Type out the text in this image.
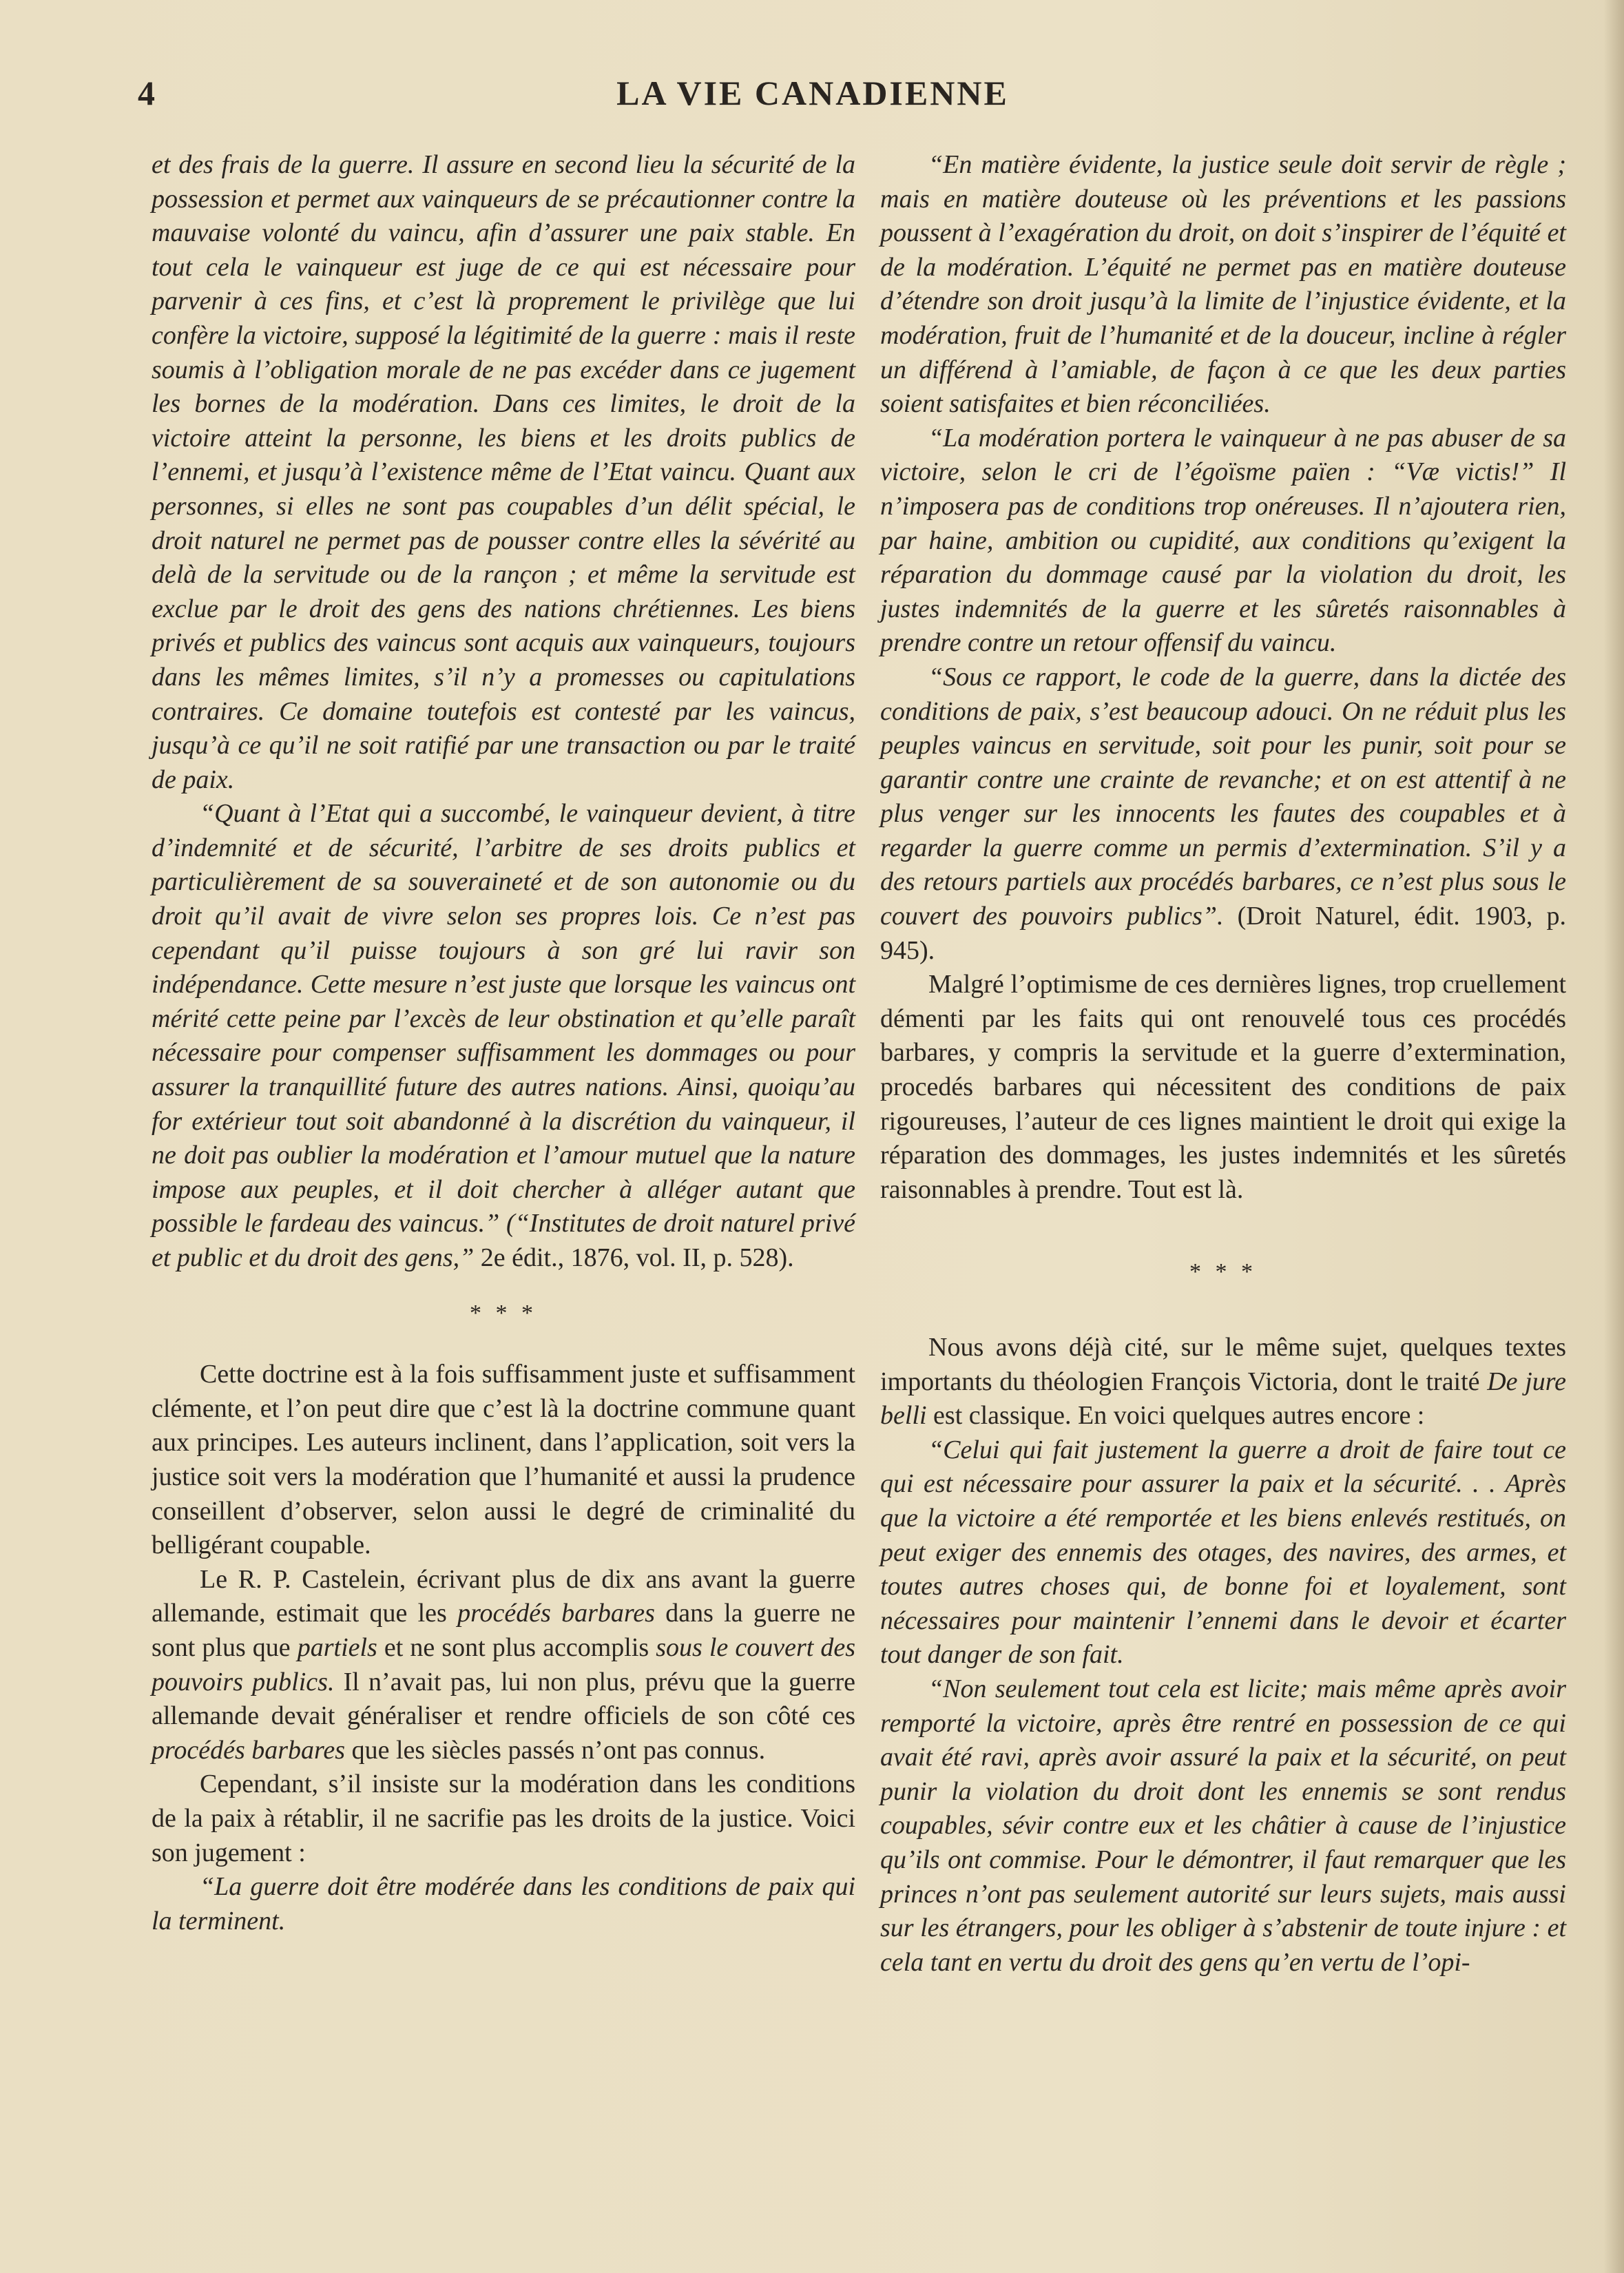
4	LA VIE CANADIENNE

et des frais de la guerre. Il assure en second lieu la sécurité de la possession et permet aux vainqueurs de se précautionner contre la mauvaise volonté du vaincu, afin d’assurer une paix stable. En tout cela le vainqueur est juge de ce qui est nécessaire pour parvenir à ces fins, et c’est là proprement le privilège que lui confère la victoire, supposé la légitimité de la guerre : mais il reste soumis à l’obligation morale de ne pas excéder dans ce jugement les bornes de la modération. Dans ces limites, le droit de la victoire atteint la personne, les biens et les droits publics de l’ennemi, et jusqu’à l’existence même de l’Etat vaincu. Quant aux personnes, si elles ne sont pas coupables d’un délit spécial, le droit naturel ne permet pas de pousser contre elles la sévérité au delà de la servitude ou de la rançon ; et même la servitude est exclue par le droit des gens des nations chrétiennes. Les biens privés et publics des vaincus sont acquis aux vainqueurs, toujours dans les mêmes limites, s’il n’y a promesses ou capitulations contraires. Ce domaine toutefois est contesté par les vaincus, jusqu’à ce qu’il ne soit ratifié par une transaction ou par le traité de paix.

“Quant à l’Etat qui a succombé, le vainqueur devient, à titre d’indemnité et de sécurité, l’arbitre de ses droits publics et particulièrement de sa souveraineté et de son autonomie ou du droit qu’il avait de vivre selon ses propres lois. Ce n’est pas cependant qu’il puisse toujours à son gré lui ravir son indépendance. Cette mesure n’est juste que lorsque les vaincus ont mérité cette peine par l’excès de leur obstination et qu’elle paraît nécessaire pour compenser suffisamment les dommages ou pour assurer la tranquillité future des autres nations. Ainsi, quoiqu’au for extérieur tout soit abandonné à la discrétion du vainqueur, il ne doit pas oublier la modération et l’amour mutuel que la nature impose aux peuples, et il doit chercher à alléger autant que possible le fardeau des vaincus.” (“Institutes de droit naturel privé et public et du droit des gens,” 2e édit., 1876, vol. II, p. 528).

* * *

Cette doctrine est à la fois suffisamment juste et suffisamment clémente, et l’on peut dire que c’est là la doctrine commune quant aux principes. Les auteurs inclinent, dans l’application, soit vers la justice soit vers la modération que l’humanité et aussi la prudence conseillent d’observer, selon aussi le degré de criminalité du belligérant coupable.

Le R. P. Castelein, écrivant plus de dix ans avant la guerre allemande, estimait que les procédés barbares dans la guerre ne sont plus que partiels et ne sont plus accomplis sous le couvert des pouvoirs publics. Il n’avait pas, lui non plus, prévu que la guerre allemande devait généraliser et rendre officiels de son côté ces procédés barbares que les siècles passés n’ont pas connus.

Cependant, s’il insiste sur la modération dans les conditions de la paix à rétablir, il ne sacrifie pas les droits de la justice. Voici son jugement :

“La guerre doit être modérée dans les conditions de paix qui la terminent.

“En matière évidente, la justice seule doit servir de règle ; mais en matière douteuse où les préventions et les passions poussent à l’exagération du droit, on doit s’inspirer de l’équité et de la modération. L’équité ne permet pas en matière douteuse d’étendre son droit jusqu’à la limite de l’injustice évidente, et la modération, fruit de l’humanité et de la douceur, incline à régler un différend à l’amiable, de façon à ce que les deux parties soient satisfaites et bien réconciliées.

“La modération portera le vainqueur à ne pas abuser de sa victoire, selon le cri de l’égoïsme païen : “Væ victis!” Il n’imposera pas de conditions trop onéreuses. Il n’ajoutera rien, par haine, ambition ou cupidité, aux conditions qu’exigent la réparation du dommage causé par la violation du droit, les justes indemnités de la guerre et les sûretés raisonnables à prendre contre un retour offensif du vaincu.

“Sous ce rapport, le code de la guerre, dans la dictée des conditions de paix, s’est beaucoup adouci. On ne réduit plus les peuples vaincus en servitude, soit pour les punir, soit pour se garantir contre une crainte de revanche; et on est attentif à ne plus venger sur les innocents les fautes des coupables et à regarder la guerre comme un permis d’extermination. S’il y a des retours partiels aux procédés barbares, ce n’est plus sous le couvert des pouvoirs publics”. (Droit Naturel, édit. 1903, p. 945).

Malgré l’optimisme de ces dernières lignes, trop cruellement démenti par les faits qui ont renouvelé tous ces procédés barbares, y compris la servitude et la guerre d’extermination, procedés barbares qui nécessitent des conditions de paix rigoureuses, l’auteur de ces lignes maintient le droit qui exige la réparation des dommages, les justes indemnités et les sûretés raisonnables à prendre. Tout est là.

* * *

Nous avons déjà cité, sur le même sujet, quelques textes importants du théologien François Victoria, dont le traité De jure belli est classique. En voici quelques autres encore :

“Celui qui fait justement la guerre a droit de faire tout ce qui est nécessaire pour assurer la paix et la sécurité. . . Après que la victoire a été remportée et les biens enlevés restitués, on peut exiger des ennemis des otages, des navires, des armes, et toutes autres choses qui, de bonne foi et loyalement, sont nécessaires pour maintenir l’ennemi dans le devoir et écarter tout danger de son fait.

“Non seulement tout cela est licite; mais même après avoir remporté la victoire, après être rentré en possession de ce qui avait été ravi, après avoir assuré la paix et la sécurité, on peut punir la violation du droit dont les ennemis se sont rendus coupables, sévir contre eux et les châtier à cause de l’injustice qu’ils ont commise. Pour le démontrer, il faut remarquer que les princes n’ont pas seulement autorité sur leurs sujets, mais aussi sur les étrangers, pour les obliger à s’abstenir de toute injure : et cela tant en vertu du droit des gens qu’en vertu de l’opi-
